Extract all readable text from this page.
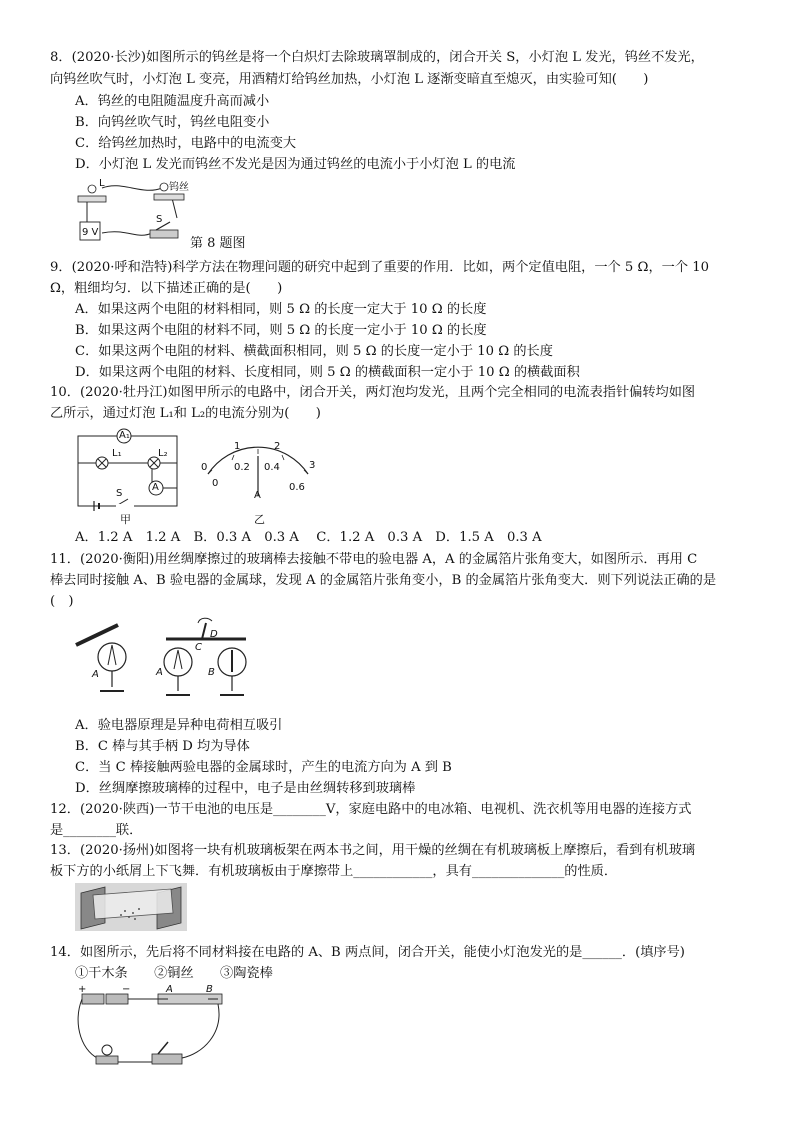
8．(2020·长沙)如图所示的钨丝是将一个白炽灯去除玻璃罩制成的，闭合开关 S，小灯泡 L 发光，钨丝不发光，
向钨丝吹气时，小灯泡 L 变亮，用酒精灯给钨丝加热，小灯泡 L 逐渐变暗直至熄灭，由实验可知(　　)
A．钨丝的电阻随温度升高而减小
B．向钨丝吹气时，钨丝电阻变小
C．给钨丝加热时，电路中的电流变大
D．小灯泡 L 发光而钨丝不发光是因为通过钨丝的电流小于小灯泡 L 的电流
L	钨丝
9 V
S
第 8 题图
9．(2020·呼和浩特)科学方法在物理问题的研究中起到了重要的作用．比如，两个定值电阻，一个 5 Ω，一个 10
Ω，粗细均匀．以下描述正确的是(　　)
A．如果这两个电阻的材料相同，则 5 Ω 的长度一定大于 10 Ω 的长度
B．如果这两个电阻的材料不同，则 5 Ω 的长度一定小于 10 Ω 的长度
C．如果这两个电阻的材料、横截面积相同，则 5 Ω 的长度一定小于 10 Ω 的长度
D．如果这两个电阻的材料、长度相同，则 5 Ω 的横截面积一定小于 10 Ω 的横截面积
10．(2020·牡丹江)如图甲所示的电路中，闭合开关，两灯泡均发光，且两个完全相同的电流表指针偏转均如图
乙所示，通过灯泡 L₁和 L₂的电流分别为(　　)
A₁
L₁	L₂
A
S
甲
0
1	2
3
0
0.2 0.4
0.6
A
乙
A．1.2 A　1.2 A　B．0.3 A　0.3 A　 C．1.2 A　0.3 A　D．1.5 A　0.3 A
11．(2020·衡阳)用丝绸摩擦过的玻璃棒去接触不带电的验电器 A，A 的金属箔片张角变大，如图所示．再用 C
棒去同时接触 A、B 验电器的金属球，发现 A 的金属箔片张角变小，B 的金属箔片张角变大．则下列说法正确的是
(　)
A	A	B
C
D
A．验电器原理是异种电荷相互吸引
B．C 棒与其手柄 D 均为导体
C．当 C 棒接触两验电器的金属球时，产生的电流方向为 A 到 B
D．丝绸摩擦玻璃棒的过程中，电子是由丝绸转移到玻璃棒
12．(2020·陕西)一节干电池的电压是________V，家庭电路中的电冰箱、电视机、洗衣机等用电器的连接方式
是________联．
13．(2020·扬州)如图将一块有机玻璃板架在两本书之间，用干燥的丝绸在有机玻璃板上摩擦后，看到有机玻璃
板下方的小纸屑上下飞舞．有机玻璃板由于摩擦带上____________，具有______________的性质．
14．如图所示，先后将不同材料接在电路的 A、B 两点间，闭合开关，能使小灯泡发光的是______．(填序号)
①干木条　　②铜丝　　③陶瓷棒
+	−	A	B
